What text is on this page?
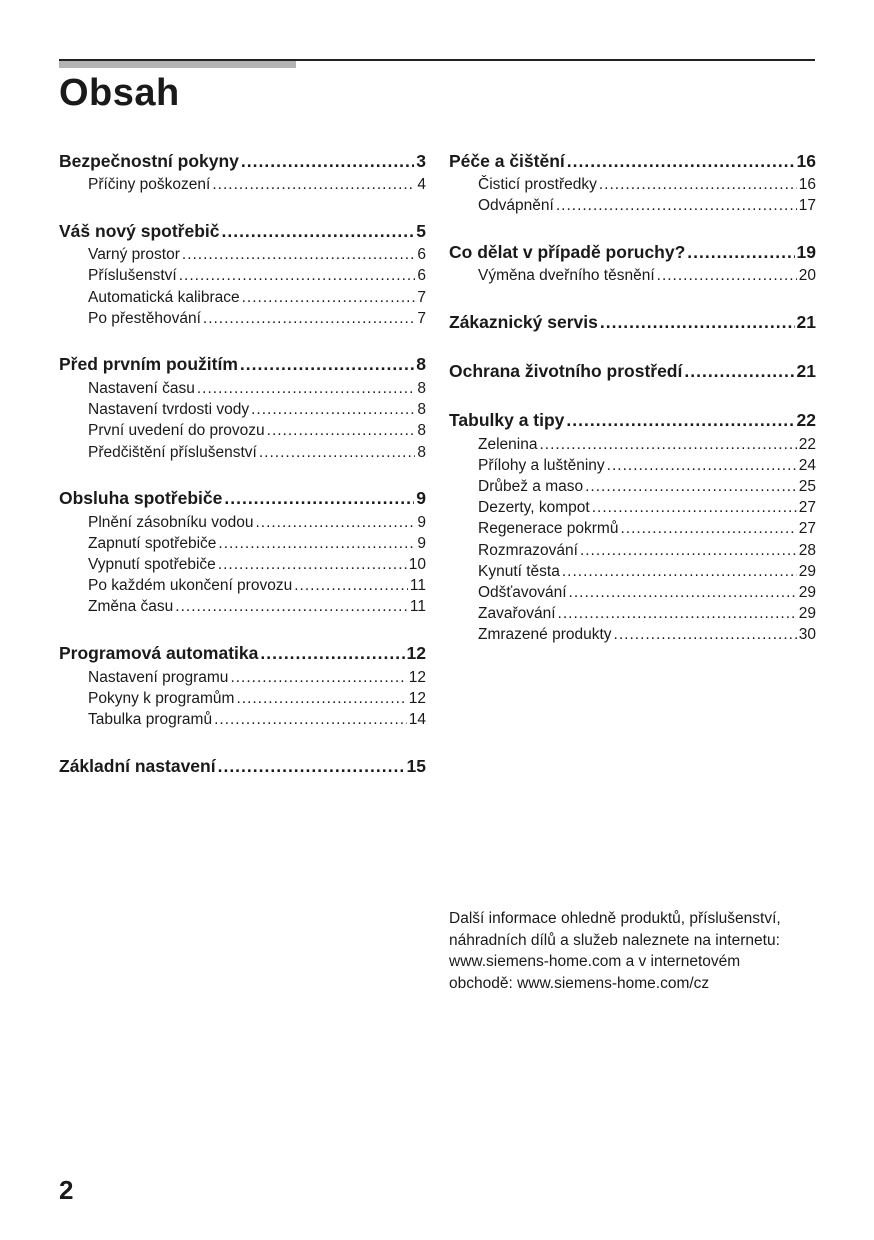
Obsah
Bezpečnostní pokyny .....	3
Příčiny poškození .....	4
Váš nový spotřebič .....	5
Varný prostor .....	6
Příslušenství .....	6
Automatická kalibrace .....	7
Po přestěhování .....	7
Před prvním použitím .....	8
Nastavení času .....	8
Nastavení tvrdosti vody .....	8
První uvedení do provozu .....	8
Předčištění příslušenství .....	8
Obsluha spotřebiče .....	9
Plnění zásobníku vodou .....	9
Zapnutí spotřebiče .....	9
Vypnutí spotřebiče .....	10
Po každém ukončení provozu .....	11
Změna času .....	11
Programová automatika .....	12
Nastavení programu .....	12
Pokyny k programům .....	12
Tabulka programů .....	14
Základní nastavení .....	15
Péče a čištění .....	16
Čisticí prostředky .....	16
Odvápnění .....	17
Co dělat v případě poruchy? .....	19
Výměna dveřního těsnění .....	20
Zákaznický servis .....	21
Ochrana životního prostředí .....	21
Tabulky a tipy .....	22
Zelenina .....	22
Přílohy a luštěniny .....	24
Drůbež a maso .....	25
Dezerty, kompot .....	27
Regenerace pokrmů .....	27
Rozmrazování .....	28
Kynutí těsta .....	29
Odšťavování .....	29
Zavařování .....	29
Zmrazené produkty .....	30

Další informace ohledně produktů, příslušenství,

náhradních dílů a služeb naleznete na internetu:

www.siemens-home.com a v internetovém

obchodě: www.siemens-home.com/cz

2
